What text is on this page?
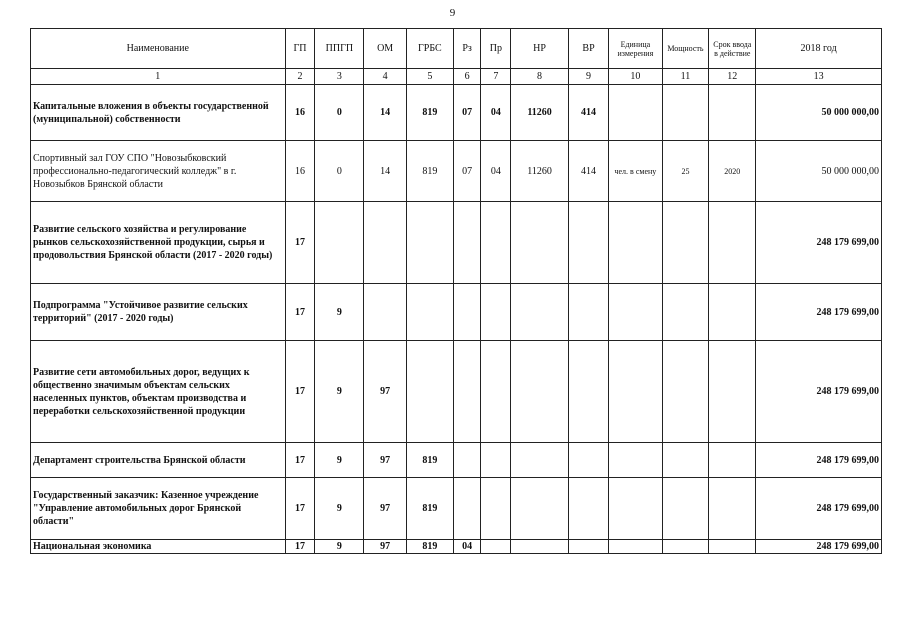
9
Наименование	ГП	ППГП	ОМ	ГРБС	Рз	Пр	НР	ВР	Единица измерения	Мощность	Срок ввода в действие	2018 год
1	2	3	4	5	6	7	8	9	10	11	12	13
Капитальные вложения в объекты государственной (муниципальной) собственности	16	0	14	819	07	04	11260	414				50 000 000,00
Спортивный зал ГОУ СПО "Новозыбковский профессионально-педагогический колледж" в г. Новозыбков Брянской области	16	0	14	819	07	04	11260	414	чел. в смену	25	2020	50 000 000,00
Развитие сельского хозяйства и регулирование рынков сельскохозяйственной продукции, сырья и продовольствия Брянской области (2017 - 2020 годы)	17											248 179 699,00
Подпрограмма "Устойчивое развитие сельских территорий" (2017 - 2020 годы)	17	9										248 179 699,00
Развитие сети автомобильных дорог, ведущих к общественно значимым объектам сельских населенных пунктов, объектам производства и переработки сельскохозяйственной продукции	17	9	97									248 179 699,00
Департамент строительства Брянской области	17	9	97	819								248 179 699,00
Государственный заказчик: Казенное учреждение "Управление автомобильных дорог Брянской области"	17	9	97	819								248 179 699,00
Национальная экономика	17	9	97	819	04							248 179 699,00
